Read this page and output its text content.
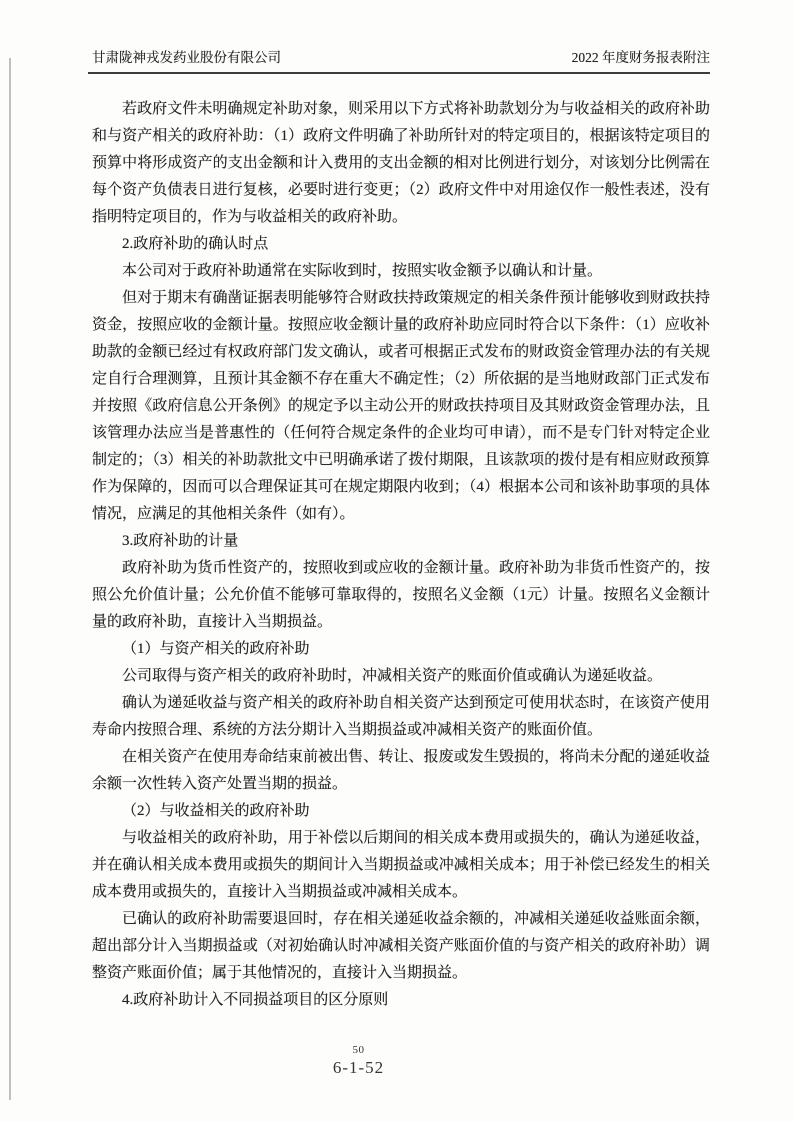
甘肃陇神戎发药业股份有限公司	2022 年度财务报表附注

若政府文件未明确规定补助对象，则采用以下方式将补助款划分为与收益相关的政府补助和与资产相关的政府补助：（1）政府文件明确了补助所针对的特定项目的，根据该特定项目的预算中将形成资产的支出金额和计入费用的支出金额的相对比例进行划分，对该划分比例需在每个资产负债表日进行复核，必要时进行变更；（2）政府文件中对用途仅作一般性表述，没有指明特定项目的，作为与收益相关的政府补助。

2.政府补助的确认时点

本公司对于政府补助通常在实际收到时，按照实收金额予以确认和计量。

但对于期末有确凿证据表明能够符合财政扶持政策规定的相关条件预计能够收到财政扶持资金，按照应收的金额计量。按照应收金额计量的政府补助应同时符合以下条件：（1）应收补助款的金额已经过有权政府部门发文确认，或者可根据正式发布的财政资金管理办法的有关规定自行合理测算，且预计其金额不存在重大不确定性；（2）所依据的是当地财政部门正式发布并按照《政府信息公开条例》的规定予以主动公开的财政扶持项目及其财政资金管理办法，且该管理办法应当是普惠性的（任何符合规定条件的企业均可申请），而不是专门针对特定企业制定的；（3）相关的补助款批文中已明确承诺了拨付期限，且该款项的拨付是有相应财政预算作为保障的，因而可以合理保证其可在规定期限内收到；（4）根据本公司和该补助事项的具体情况，应满足的其他相关条件（如有）。

3.政府补助的计量

政府补助为货币性资产的，按照收到或应收的金额计量。政府补助为非货币性资产的，按照公允价值计量；公允价值不能够可靠取得的，按照名义金额（1元）计量。按照名义金额计量的政府补助，直接计入当期损益。

（1）与资产相关的政府补助

公司取得与资产相关的政府补助时，冲减相关资产的账面价值或确认为递延收益。

确认为递延收益与资产相关的政府补助自相关资产达到预定可使用状态时，在该资产使用寿命内按照合理、系统的方法分期计入当期损益或冲减相关资产的账面价值。

在相关资产在使用寿命结束前被出售、转让、报废或发生毁损的，将尚未分配的递延收益余额一次性转入资产处置当期的损益。

（2）与收益相关的政府补助

与收益相关的政府补助，用于补偿以后期间的相关成本费用或损失的，确认为递延收益，并在确认相关成本费用或损失的期间计入当期损益或冲减相关成本；用于补偿已经发生的相关成本费用或损失的，直接计入当期损益或冲减相关成本。

已确认的政府补助需要退回时，存在相关递延收益余额的，冲减相关递延收益账面余额，超出部分计入当期损益或（对初始确认时冲减相关资产账面价值的与资产相关的政府补助）调整资产账面价值；属于其他情况的，直接计入当期损益。

4.政府补助计入不同损益项目的区分原则

50
6-1-52
